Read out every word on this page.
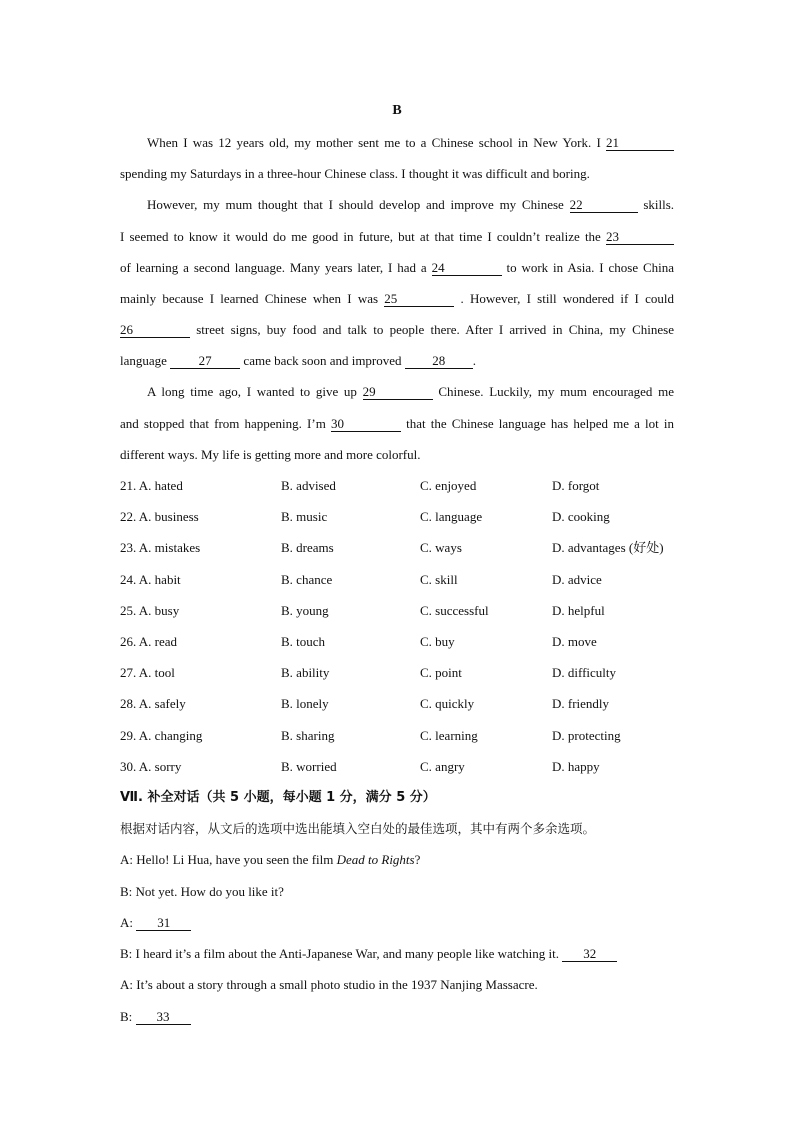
B
When I was 12 years old, my mother sent me to a Chinese school in New York. I 21
spending my Saturdays in a three-hour Chinese class. I thought it was difficult and boring.
However, my mum thought that I should develop and improve my Chinese 22	skills.
I seemed to know it would do me good in future, but at that time I couldn’t realize the 23
of learning a second language. Many years later, I had a 24	to work in Asia. I chose China
mainly because I learned Chinese when I was 25	. However, I still wondered if I could
26	street signs, buy food and talk to people there. After I arrived in China, my Chinese
language 27 came back soon and improved 28 .
A long time ago, I wanted to give up 29	Chinese. Luckily, my mum encouraged me
and stopped that from happening. I’m 30	that the Chinese language has helped me a lot in
different ways. My life is getting more and more colorful.
21. A. hated	B. advised	C. enjoyed	D. forgot
22. A. business	B. music	C. language	D. cooking
23. A. mistakes	B. dreams	C. ways	D. advantages (好处)
24. A. habit	B. chance	C. skill	D. advice
25. A. busy	B. young	C. successful	D. helpful
26. A. read	B. touch	C. buy	D. move
27. A. tool	B. ability	C. point	D. difficulty
28. A. safely	B. lonely	C. quickly	D. friendly
29. A. changing	B. sharing	C. learning	D. protecting
30. A. sorry	B. worried	C. angry	D. happy
Ⅶ. 补全对话（共 5 小题，每小题 1 分，满分 5 分）
根据对话内容，从文后的选项中选出能填入空白处的最佳选项，其中有两个多余选项。
A: Hello! Li Hua, have you seen the film Dead to Rights?
B: Not yet. How do you like it?
A: 31
B: I heard it’s a film about the Anti-Japanese War, and many people like watching it. 32
A: It’s about a story through a small photo studio in the 1937 Nanjing Massacre.
B: 33
